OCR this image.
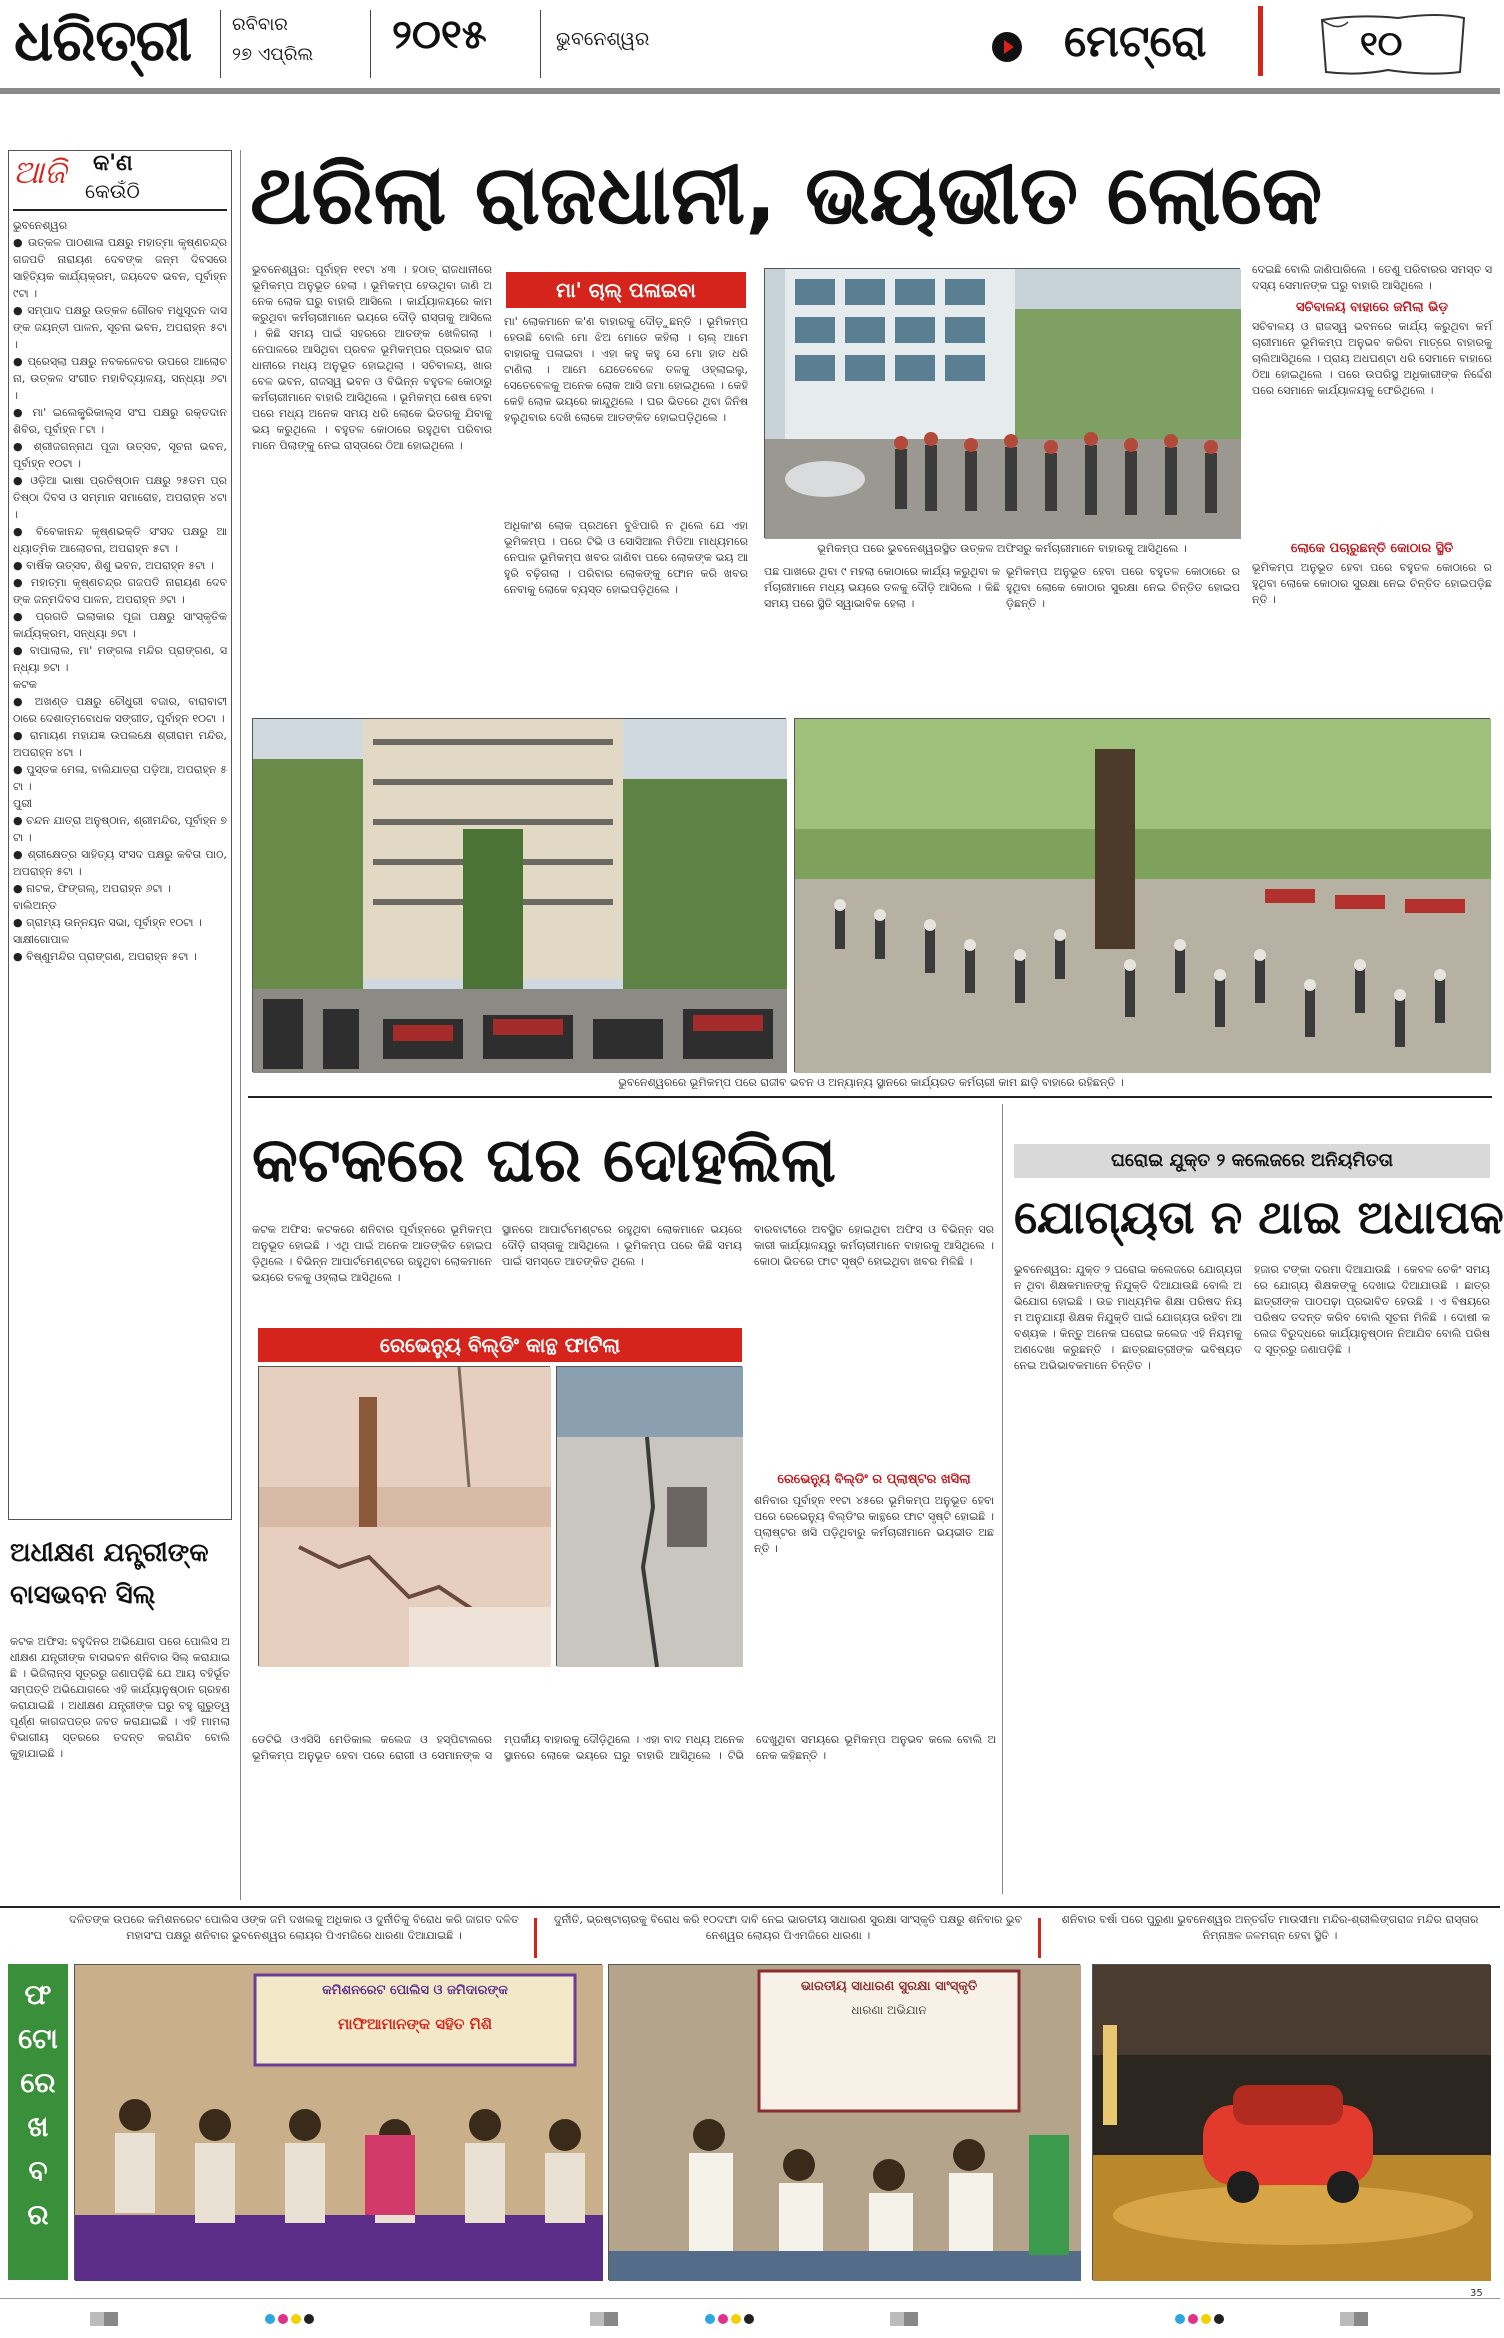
ଧରିତ୍ରୀ ରବିବାର
୨୭ ଏପ୍ରିଲ ୨୦୧୫	ଭୁବନେଶ୍ୱର	ମେଟ୍ରୋ	୧୦
ଆଜି କ'ଣ
କେଉଁଠି
ଭୁବନେଶ୍ୱର
● ଉତ୍କଳ ପାଠଶାଳା ପକ୍ଷରୁ ମହାତ୍ମା କୃଷ୍ଣଚନ୍ଦ୍ର ଗଜପତି ନାରାୟଣ ଦେବଙ୍କ ଜନ୍ମ ଦିବସରେ ସାହିତ୍ୟିକ କାର୍ଯ୍ୟକ୍ରମ, ଜୟଦେବ ଭବନ, ପୂର୍ବାହ୍ନ ୯ଟା ।
● ସମ୍ପାଦ ପକ୍ଷରୁ ଉତ୍କଳ ଗୌରବ ମଧୁସୂଦନ ଦାସଙ୍କ ଜୟନ୍ତୀ ପାଳନ, ସୂଚନା ଭବନ, ଅପରାହ୍ନ ୫ଟା ।
● ପ୍ରେସ୍‌ଲା ପକ୍ଷରୁ ନବକଳେବର ଉପରେ ଆଲୋଚନା, ଉତ୍କଳ ସଂଗୀତ ମହାବିଦ୍ୟାଳୟ, ସନ୍ଧ୍ୟା ୬ଟା ।
● ମା' ଇଲେକ୍ଟ୍ରିକାଲ୍ସ ସଂଘ ପକ୍ଷରୁ ରକ୍ତଦାନ ଶିବିର, ପୂର୍ବାହ୍ନ ୮ଟା ।
● ଶ୍ରୀଜଗନ୍ନାଥ ପୂଜା ଉତ୍ସବ, ସୂଚନା ଭବନ, ପୂର୍ବାହ୍ନ ୧୦ଟା ।
● ଓଡ଼ିଆ ଭାଷା ପ୍ରତିଷ୍ଠାନ ପକ୍ଷରୁ ୨୫ତମ ପ୍ରତିଷ୍ଠା ଦିବସ ଓ ସମ୍ମାନ ସମାରୋହ, ଅପରାହ୍ନ ୪ଟା ।
● ବିବେକାନନ୍ଦ କୃଷ୍ଣଭକ୍ତି ସଂସଦ ପକ୍ଷରୁ ଆଧ୍ୟାତ୍ମିକ ଆଲୋଚନା, ଅପରାହ୍ନ ୫ଟା ।
● ବାର୍ଷିକ ଉତ୍ସବ, ଶିଶୁ ଭବନ, ଅପରାହ୍ନ ୫ଟା ।
● ମହାତ୍ମା କୃଷ୍ଣଚନ୍ଦ୍ର ଗଜପତି ନାରାୟଣ ଦେବଙ୍କ ଜନ୍ମଦିବସ ପାଳନ, ଅପରାହ୍ନ ୬ଟା ।
● ପ୍ରଗତି ଇଲାକାର ପୂଜା ପକ୍ଷରୁ ସାଂସ୍କୃତିକ କାର୍ଯ୍ୟକ୍ରମ, ସନ୍ଧ୍ୟା ୭ଟା ।
● ବାପାଲାଲ, ମା' ମଙ୍ଗଳା ମନ୍ଦିର ପ୍ରାଙ୍ଗଣ, ସନ୍ଧ୍ୟା ୭ଟା ।
କଟକ
● ଅଖଣ୍ଡ ପକ୍ଷରୁ ଚୌଧୁରୀ ବଜାର, ବାରାବାଟୀ ଠାରେ ଦେଶାତ୍ମବୋଧକ ସଙ୍ଗୀତ, ପୂର୍ବାହ୍ନ ୧୦ଟା ।
● ରାମାୟଣ ମହାଯଜ୍ଞ ଉପଲକ୍ଷେ ଶ୍ରୀରାମ ମନ୍ଦିର, ଅପରାହ୍ନ ୪ଟା ।
● ପୁସ୍ତକ ମେଳା, ବାଲିଯାତ୍ରା ପଡ଼ିଆ, ଅପରାହ୍ନ ୫ଟା ।
ପୁରୀ
● ଚନ୍ଦନ ଯାତ୍ରା ଅନୁଷ୍ଠାନ, ଶ୍ରୀମନ୍ଦିର, ପୂର୍ବାହ୍ନ ୭ଟା ।
● ଶ୍ରୀକ୍ଷେତ୍ର ସାହିତ୍ୟ ସଂସଦ ପକ୍ଷରୁ କବିତା ପାଠ, ଅପରାହ୍ନ ୫ଟା ।
● ନାଟକ, ଫିଙ୍ଗଲ୍, ଅପରାହ୍ନ ୬ଟା ।
ବାଲିଅନ୍ତ
● ଗ୍ରାମ୍ୟ ଉନ୍ନୟନ ସଭା, ପୂର୍ବାହ୍ନ ୧୦ଟା ।
ସାକ୍ଷୀଗୋପାଳ
● ବିଷ୍ଣୁମନ୍ଦିର ପ୍ରାଙ୍ଗଣ, ଅପରାହ୍ନ ୫ଟା ।
ଅଧୀକ୍ଷଣ ଯନ୍ତ୍ରୀଙ୍କ
ବାସଭବନ ସିଲ୍
କଟକ ଅଫିସ: ବହୁଦିନର ଅଭିଯୋଗ ପରେ ପୋଲିସ ଅଧୀକ୍ଷଣ ଯନ୍ତ୍ରୀଙ୍କ ବାସଭବନ ଶନିବାର ସିଲ୍ କରାଯାଇଛି । ଭିଜିଲାନ୍ସ ସୂତ୍ରରୁ ଜଣାପଡ଼ିଛି ଯେ ଆୟ ବହିର୍ଭୂତ ସମ୍ପତ୍ତି ଅଭିଯୋଗରେ ଏହି କାର୍ଯ୍ୟାନୁଷ୍ଠାନ ଗ୍ରହଣ କରାଯାଇଛି । ଅଧୀକ୍ଷଣ ଯନ୍ତ୍ରୀଙ୍କ ଘରୁ ବହୁ ଗୁରୁତ୍ୱପୂର୍ଣ୍ଣ କାଗଜପତ୍ର ଜବତ କରାଯାଇଛି । ଏହି ମାମଲା ବିଭାଗୀୟ ସ୍ତରରେ ତଦନ୍ତ କରାଯିବ ବୋଲି କୁହାଯାଇଛି ।
ଥରିଲା ରାଜଧାନୀ, ଭୟଭୀତ ଲୋକେ
ଭୁବନେଶ୍ୱର: ପୂର୍ବାହ୍ନ ୧୧ଟା ୪୩ । ହଠାତ୍ ରାଜଧାନୀରେ ଭୂମିକମ୍ପ ଅନୁଭୂତ ହେଲା । ଭୂମିକମ୍ପ ହେଉଥିବା ଜାଣି ଅନେକ ଲୋକ ଘରୁ ବାହାରି ଆସିଲେ । କାର୍ଯ୍ୟାଳୟରେ କାମ କରୁଥିବା କର୍ମଚାରୀମାନେ ଭୟରେ ଦୌଡ଼ି ରାସ୍ତାକୁ ଆସିଲେ । କିଛି ସମୟ ପାଇଁ ସହରରେ ଆତଙ୍କ ଖେଳିଗଲା । ନେପାଳରେ ଆସିଥିବା ପ୍ରବଳ ଭୂମିକମ୍ପର ପ୍ରଭାବ ରାଜଧାନୀରେ ମଧ୍ୟ ଅନୁଭୂତ ହୋଇଥିଲା । ସଚିବାଳୟ, ଖାରବେଳ ଭବନ, ରାଜସ୍ୱ ଭବନ ଓ ବିଭିନ୍ନ ବହୁତଳ କୋଠାରୁ କର୍ମଚାରୀମାନେ ବାହାରି ଆସିଥିଲେ । ଭୂମିକମ୍ପ ଶେଷ ହେବା ପରେ ମଧ୍ୟ ଅନେକ ସମୟ ଧରି ଲୋକେ ଭିତରକୁ ଯିବାକୁ ଭୟ କରୁଥିଲେ । ବହୁତଳ କୋଠାରେ ରହୁଥିବା ପରିବାରମାନେ ପିଲାଙ୍କୁ ନେଇ ରାସ୍ତାରେ ଠିଆ ହୋଇଥିଲେ ।
ମା' ଚାଲ୍ ପଳାଇବା
ମା' ଲୋକମାନେ କ'ଣ ବାହାରକୁ ଦୌଡ଼ୁଛନ୍ତି । ଭୂମିକମ୍ପ ହେଉଛି ବୋଲି ମୋ ଝିଅ ମୋତେ କହିଲା । ଚାଲ୍ ଆମେ ବାହାରକୁ ପଳାଇବା । ଏହା କହୁ କହୁ ସେ ମୋ ହାତ ଧରି ଟାଣିଲା । ଆମେ ଯେତେବେଳେ ତଳକୁ ଓହ୍ଲାଇଲୁ, ସେତେବେଳକୁ ଅନେକ ଲୋକ ଆସି ଜମା ହୋଇଥିଲେ । କେହି କେହି ଲୋକ ଭୟରେ କାନ୍ଦୁଥିଲେ । ଘର ଭିତରେ ଥିବା ଜିନିଷ ହଲୁଥିବାର ଦେଖି ଲୋକେ ଆତଙ୍କିତ ହୋଇପଡ଼ିଥିଲେ ।
ଅଧିକାଂଶ ଲୋକ ପ୍ରଥମେ ବୁଝିପାରି ନ ଥିଲେ ଯେ ଏହା ଭୂମିକମ୍ପ । ପରେ ଟିଭି ଓ ସୋସିଆଲ ମିଡିଆ ମାଧ୍ୟମରେ ନେପାଳ ଭୂମିକମ୍ପ ଖବର ଜାଣିବା ପରେ ଲୋକଙ୍କ ଭୟ ଆହୁରି ବଢ଼ିଗଲା । ପରିବାର ଲୋକଙ୍କୁ ଫୋନ କରି ଖବର ନେବାକୁ ଲୋକେ ବ୍ୟସ୍ତ ହୋଇପଡ଼ିଥିଲେ ।
ଭୂମିକମ୍ପ ପରେ ଭୁବନେଶ୍ୱରସ୍ଥିତ ଉତ୍କଳ ଅଫିସରୁ କର୍ମଚାରୀମାନେ ବାହାରକୁ ଆସିଥିଲେ ।
ପଛ ପାଖରେ ଥିବା ୯ ମହଲା କୋଠାରେ କାର୍ଯ୍ୟ କରୁଥିବା କର୍ମଚାରୀମାନେ ମଧ୍ୟ ଭୟରେ ତଳକୁ ଦୌଡ଼ି ଆସିଲେ । କିଛି ସମୟ ପରେ ସ୍ଥିତି ସ୍ୱାଭାବିକ ହେଲା ।
ଭୂମିକମ୍ପ ଅନୁଭୂତ ହେବା ପରେ ବହୁତଳ କୋଠାରେ ରହୁଥିବା ଲୋକେ କୋଠାର ସୁରକ୍ଷା ନେଇ ଚିନ୍ତିତ ହୋଇପଡ଼ିଛନ୍ତି ।
ଦେଇଛି ବୋଲି ଜାଣିପାରିଲେ । ତେଣୁ ପରିବାରର ସମସ୍ତ ସଦସ୍ୟ ସେମାନଙ୍କ ଘରୁ ବାହାରି ଆସିଥିଲେ ।
ସଚିବାଳୟ ବାହାରେ ଜମିଲା ଭିଡ଼
ସଚିବାଳୟ ଓ ରାଜସ୍ୱ ଭବନରେ କାର୍ଯ୍ୟ କରୁଥିବା କର୍ମଚାରୀମାନେ ଭୂମିକମ୍ପ ଅନୁଭବ କରିବା ମାତ୍ରେ ବାହାରକୁ ଚାଲିଆସିଥିଲେ । ପ୍ରାୟ ଅଧଘଣ୍ଟା ଧରି ସେମାନେ ବାହାରେ ଠିଆ ହୋଇଥିଲେ । ପରେ ଉପରିସ୍ଥ ଅଧିକାରୀଙ୍କ ନିର୍ଦ୍ଦେଶ ପରେ ସେମାନେ କାର୍ଯ୍ୟାଳୟକୁ ଫେରିଥିଲେ ।
ଲୋକେ ପଚାରୁଛନ୍ତି କୋଠାର ସ୍ଥିତି
ଭୂମିକମ୍ପ ଅନୁଭୂତ ହେବା ପରେ ବହୁତଳ କୋଠାରେ ରହୁଥିବା ଲୋକେ କୋଠାର ସୁରକ୍ଷା ନେଇ ଚିନ୍ତିତ ହୋଇପଡ଼ିଛନ୍ତି ।
ଭୁବନେଶ୍ୱରରେ ଭୂମିକମ୍ପ ପରେ ରାଜୀବ ଭବନ ଓ ଅନ୍ୟାନ୍ୟ ସ୍ଥାନରେ କାର୍ଯ୍ୟରତ କର୍ମଚାରୀ କାମ ଛାଡ଼ି ବାହାରେ ରହିଛନ୍ତି ।
କଟକରେ ଘର ଦୋହଲିଲା
କଟକ ଅଫିସ: କଟକରେ ଶନିବାର ପୂର୍ବାହ୍ନରେ ଭୂମିକମ୍ପ ଅନୁଭୂତ ହୋଇଛି । ଏଥି ପାଇଁ ଅନେକ ଆତଙ୍କିତ ହୋଇପଡ଼ିଥିଲେ । ବିଭିନ୍ନ ଆପାର୍ଟମେଣ୍ଟରେ ରହୁଥିବା ଲୋକମାନେ ଭୟରେ ତଳକୁ ଓହ୍ଲାଇ ଆସିଥିଲେ ।
ସ୍ଥାନରେ ଆପାର୍ଟମେଣ୍ଟରେ ରହୁଥିବା ଲୋକମାନେ ଭୟରେ ଦୌଡ଼ି ରାସ୍ତାକୁ ଆସିଥିଲେ । ଭୂମିକମ୍ପ ପରେ କିଛି ସମୟ ପାଇଁ ସମସ୍ତେ ଆତଙ୍କିତ ଥିଲେ ।
ବାରବାଟୀରେ ଅବସ୍ଥିତ ହୋଇଥିବା ଅଫିସ ଓ ବିଭିନ୍ନ ସରକାରୀ କାର୍ଯ୍ୟାଳୟରୁ କର୍ମଚାରୀମାନେ ବାହାରକୁ ଆସିଥିଲେ । କୋଠା ଭିତରେ ଫାଟ ସୃଷ୍ଟି ହୋଇଥିବା ଖବର ମିଳିଛି ।
ରେଭେନ୍ୟୁ ବିଲ୍ଡିଂ ର ପ୍ଲାଷ୍ଟର ଖସିଲା
ଶନିବାର ପୂର୍ବାହ୍ନ ୧୧ଟା ୪୫ରେ ଭୂମିକମ୍ପ ଅନୁଭୂତ ହେବା ପରେ ରେଭେନ୍ୟୁ ବିଲ୍ଡିଂର କାନ୍ଥରେ ଫାଟ ସୃଷ୍ଟି ହୋଇଛି । ପ୍ଲାଷ୍ଟର ଖସି ପଡ଼ିଥିବାରୁ କର୍ମଚାରୀମାନେ ଭୟଭୀତ ଅଛନ୍ତି ।
ରେଭେନ୍ୟୁ ବିଲ୍ଡିଂ କାନ୍ଥ ଫାଟିଲା
ଡେଟିଭି ଓଏସିସି ମେଡିକାଲ କଲେଜ ଓ ହସ୍ପିଟାଲରେ ଭୂମିକମ୍ପ ଅନୁଭୂତ ହେବା ପରେ ରୋଗୀ ଓ ସେମାନଙ୍କ ସମ୍ପର୍କୀୟ ବାହାରକୁ ଦୌଡ଼ିଥିଲେ । ଏହା ବାଦ ମଧ୍ୟ ଅନେକ ସ୍ଥାନରେ ଲୋକେ ଭୟରେ ଘରୁ ବାହାରି ଆସିଥିଲେ । ଟିଭି ଦେଖୁଥିବା ସମୟରେ ଭୂମିକମ୍ପ ଅନୁଭବ କଲେ ବୋଲି ଅନେକ କହିଛନ୍ତି ।
ଘରୋଇ ଯୁକ୍ତ ୨ କଲେଜରେ ଅନିୟମିତତା
ଯୋଗ୍ୟତା ନ ଥାଇ ଅଧାପକ
ଭୁବନେଶ୍ୱର: ଯୁକ୍ତ ୨ ଘରୋଇ କଲେଜରେ ଯୋଗ୍ୟତା ନ ଥିବା ଶିକ୍ଷକମାନଙ୍କୁ ନିଯୁକ୍ତି ଦିଆଯାଉଛି ବୋଲି ଅଭିଯୋଗ ହୋଇଛି । ଉଚ୍ଚ ମାଧ୍ୟମିକ ଶିକ୍ଷା ପରିଷଦ ନିୟମ ଅନୁଯାୟୀ ଶିକ୍ଷକ ନିଯୁକ୍ତି ପାଇଁ ଯୋଗ୍ୟତା ରହିବା ଆବଶ୍ୟକ । କିନ୍ତୁ ଅନେକ ଘରୋଇ କଲେଜ ଏହି ନିୟମକୁ ଅଣଦେଖା କରୁଛନ୍ତି । ଛାତ୍ରଛାତ୍ରୀଙ୍କ ଭବିଷ୍ୟତ ନେଇ ଅଭିଭାବକମାନେ ଚିନ୍ତିତ ।
ହଜାର ଟଙ୍କା ଦରମା ଦିଆଯାଉଛି । କେବଳ ଚେକିଂ ସମୟରେ ଯୋଗ୍ୟ ଶିକ୍ଷକଙ୍କୁ ଦେଖାଇ ଦିଆଯାଉଛି । ଛାତ୍ରଛାତ୍ରୀଙ୍କ ପାଠପଢ଼ା ପ୍ରଭାବିତ ହେଉଛି । ଏ ବିଷୟରେ ପରିଷଦ ତଦନ୍ତ କରିବ ବୋଲି ସୂଚନା ମିଳିଛି । ଦୋଷୀ କଲେଜ ବିରୁଦ୍ଧରେ କାର୍ଯ୍ୟାନୁଷ୍ଠାନ ନିଆଯିବ ବୋଲି ପରିଷଦ ସୂତ୍ରରୁ ଜଣାପଡ଼ିଛି ।
ଦଳିତଙ୍କ ଉପରେ କମିଶନରେଟ ପୋଲିସ ଓଙ୍କ ଜମି ଦଖଲକୁ ଅଧିକାର ଓ ଦୁର୍ନୀତିକୁ ବିରୋଧ କରି ଜାଗତ ଦଳିତ ମହାସଂଘ ପକ୍ଷରୁ ଶନିବାର ଭୁବନେଶ୍ୱର ଲୋୟର ପିଏମଜିରେ ଧାରଣା ଦିଆଯାଇଛି ।
ଦୁର୍ନୀତି, ଭ୍ରଷ୍ଟାଚାରକୁ ବିରୋଧ କରି ୧୦ଦଫା ଦାବି ନେଇ ଭାରତୀୟ ସାଧାରଣ ସୁରକ୍ଷା ସାଂସ୍କୃତି ପକ୍ଷରୁ ଶନିବାର ଭୁବନେଶ୍ୱର ଲୋୟର ପିଏମଜିରେ ଧାରଣା ।
ଶନିବାର ବର୍ଷା ପରେ ପୁରୁଣା ଭୁବନେଶ୍ୱର ଅନ୍ତର୍ଗତ ମାଉସୀମା ମନ୍ଦିର-ଶ୍ରୀଲିଙ୍ଗରାଜ ମନ୍ଦିର ରାସ୍ତାର ନିମ୍ନାଞ୍ଚଳ ଜଳମଗ୍ନ ହେବା ସ୍ଥିତି ।
ଫ
ଟୋ
ରେ
ଖ
ବ
ର
କମିଶନରେଟ ପୋଲିସ ଓ ଜମିଦାରଙ୍କ
ମାଫିଆମାନଙ୍କ ସହିତ ମିଶି
ଭାରତୀୟ ସାଧାରଣ ସୁରକ୍ଷା ସାଂସ୍କୃତି
ଧାରଣା ଅଭିଯାନ
35
